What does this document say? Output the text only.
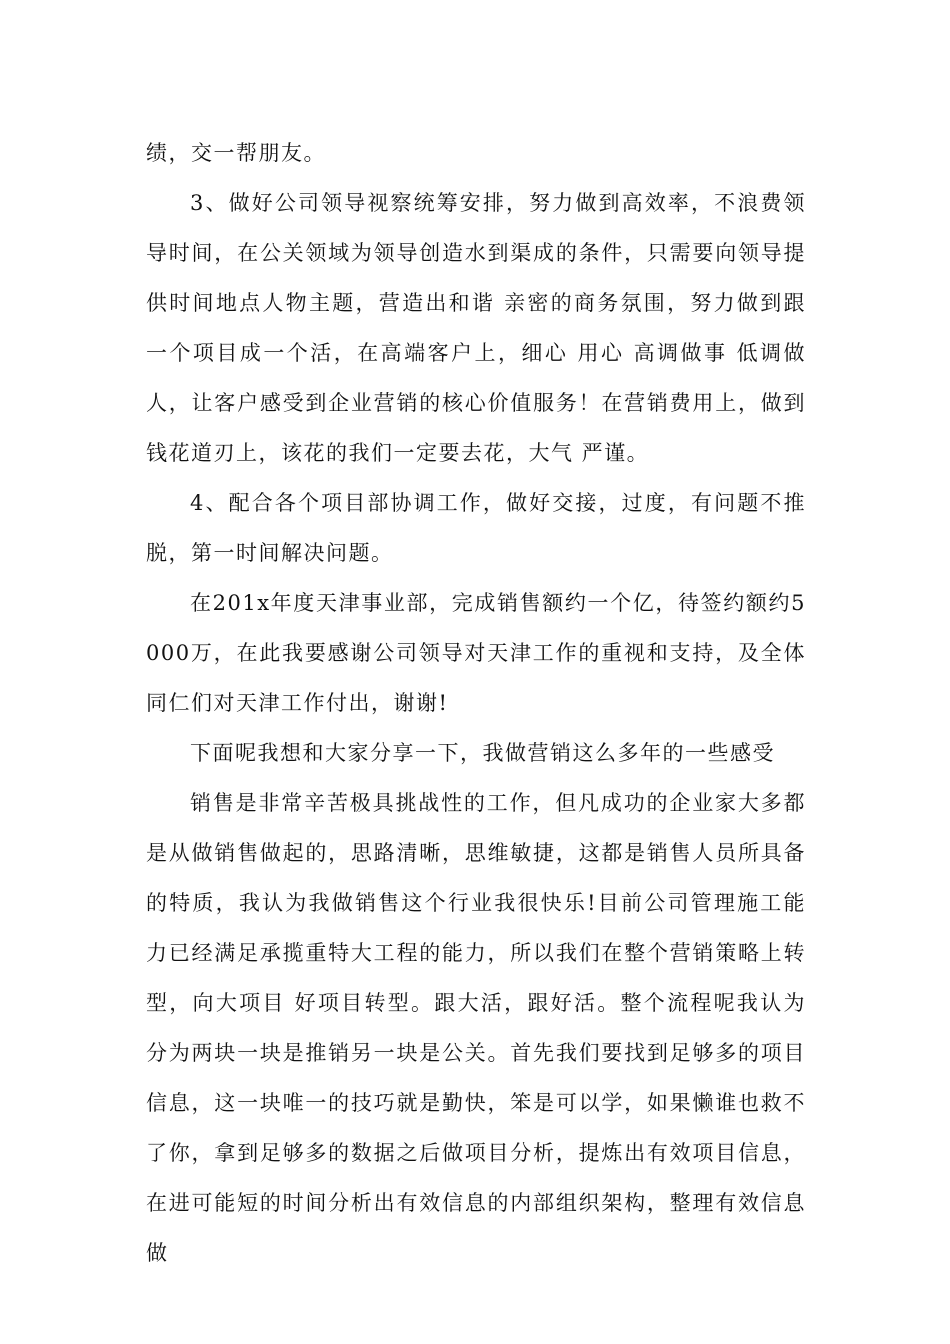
绩，交一帮朋友。

3、做好公司领导视察统筹安排，努力做到高效率，不浪费领导时间，在公关领域为领导创造水到渠成的条件，只需要向领导提供时间地点人物主题，营造出和谐 亲密的商务氛围，努力做到跟一个项目成一个活，在高端客户上，细心 用心 高调做事 低调做人，让客户感受到企业营销的核心价值服务！在营销费用上，做到钱花道刃上，该花的我们一定要去花，大气 严谨。

4、配合各个项目部协调工作，做好交接，过度，有问题不推脱，第一时间解决问题。

在201x年度天津事业部，完成销售额约一个亿，待签约额约5000万，在此我要感谢公司领导对天津工作的重视和支持，及全体同仁们对天津工作付出，谢谢!

下面呢我想和大家分享一下，我做营销这么多年的一些感受

销售是非常辛苦极具挑战性的工作，但凡成功的企业家大多都是从做销售做起的，思路清晰，思维敏捷，这都是销售人员所具备的特质，我认为我做销售这个行业我很快乐!目前公司管理施工能力已经满足承揽重特大工程的能力，所以我们在整个营销策略上转型，向大项目 好项目转型。跟大活，跟好活。整个流程呢我认为分为两块一块是推销另一块是公关。首先我们要找到足够多的项目信息，这一块唯一的技巧就是勤快，笨是可以学，如果懒谁也救不了你，拿到足够多的数据之后做项目分析，提炼出有效项目信息，在进可能短的时间分析出有效信息的内部组织架构，整理有效信息做
